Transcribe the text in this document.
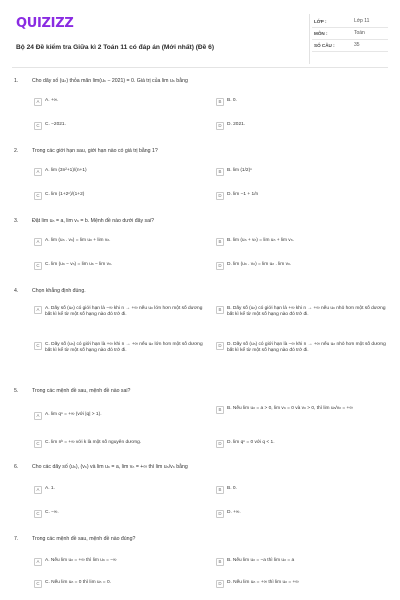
QUIZIZZ
Bộ 24 Đề kiểm tra Giữa kì 2 Toán 11 có đáp án (Mới nhất) (Đề 6)
LỚP :	Lớp 11
MÔN :	Toán
SỐ CÂU :	35
1.	Cho dãy số (uₙ) thỏa mãn lim(uₙ − 2021) = 0. Giá trị của lim uₙ bằng
A	A. +∞.	B	B. 0.
C	C. −2021.	D	D. 2021.
2.	Trong các giới hạn sau, giới hạn nào có giá trị bằng 1?
A	A. lim (3n²+1)/(n+1)	B	B. lim (1/2)ⁿ
C	C. lim (1+2ⁿ)/(1+2)	D	D. lim −1 + 1/n
3.	Đặt lim uₙ = a, lim vₙ = b. Mệnh đề nào dưới đây sai?
A	A. lim (uₙ . vₙ) = lim uₙ + lim vₙ.	B	B. lim (uₙ + vₙ) = lim uₙ + lim vₙ.
C	C. lim (uₙ − vₙ) = lim uₙ − lim vₙ.	D	D. lim (uₙ . vₙ) = lim uₙ . lim vₙ.
4.	Chọn khẳng định đúng.
A	A. Dãy số (uₙ) có giới hạn là −∞ khi n → +∞ nếu uₙ lớn hơn một số dương bất kì kể từ một số hạng nào đó trở đi.
B	B. Dãy số (uₙ) có giới hạn là +∞ khi n → +∞ nếu uₙ nhỏ hơn một số dương bất kì kể từ một số hạng nào đó trở đi.
C	C. Dãy số (uₙ) có giới hạn là +∞ khi n → +∞ nếu uₙ lớn hơn một số dương bất kì kể từ một số hạng nào đó trở đi.
D	D. Dãy số (uₙ) có giới hạn là −∞ khi n → +∞ nếu uₙ nhỏ hơn một số dương bất kì kể từ một số hạng nào đó trở đi.
5.	Trong các mệnh đề sau, mệnh đề nào sai?
A	A. lim qⁿ = +∞ (với |q| > 1).
B	B. Nếu lim uₙ = a > 0, lim vₙ = 0 và vₙ > 0, thì lim uₙ/vₙ = +∞
C	C. lim nᵏ = +∞ với k là một số nguyên dương.	D	D. lim qⁿ = 0 với q < 1.
6.	Cho các dãy số (uₙ), (vₙ) và lim uₙ = a, lim vₙ = +∞ thì lim uₙ/vₙ bằng
A	A. 1.	B	B. 0.
C	C. −∞.	D	D. +∞.
7.	Trong các mệnh đề sau, mệnh đề nào đúng?
A	A. Nếu lim uₙ = +∞ thì lim uₙ = −∞	B	B. Nếu lim uₙ = −a thì lim uₙ = a
C	C. Nếu lim uₙ = 0 thì lim uₙ = 0.	D	D. Nếu lim uₙ = +∞ thì lim uₙ = +∞
